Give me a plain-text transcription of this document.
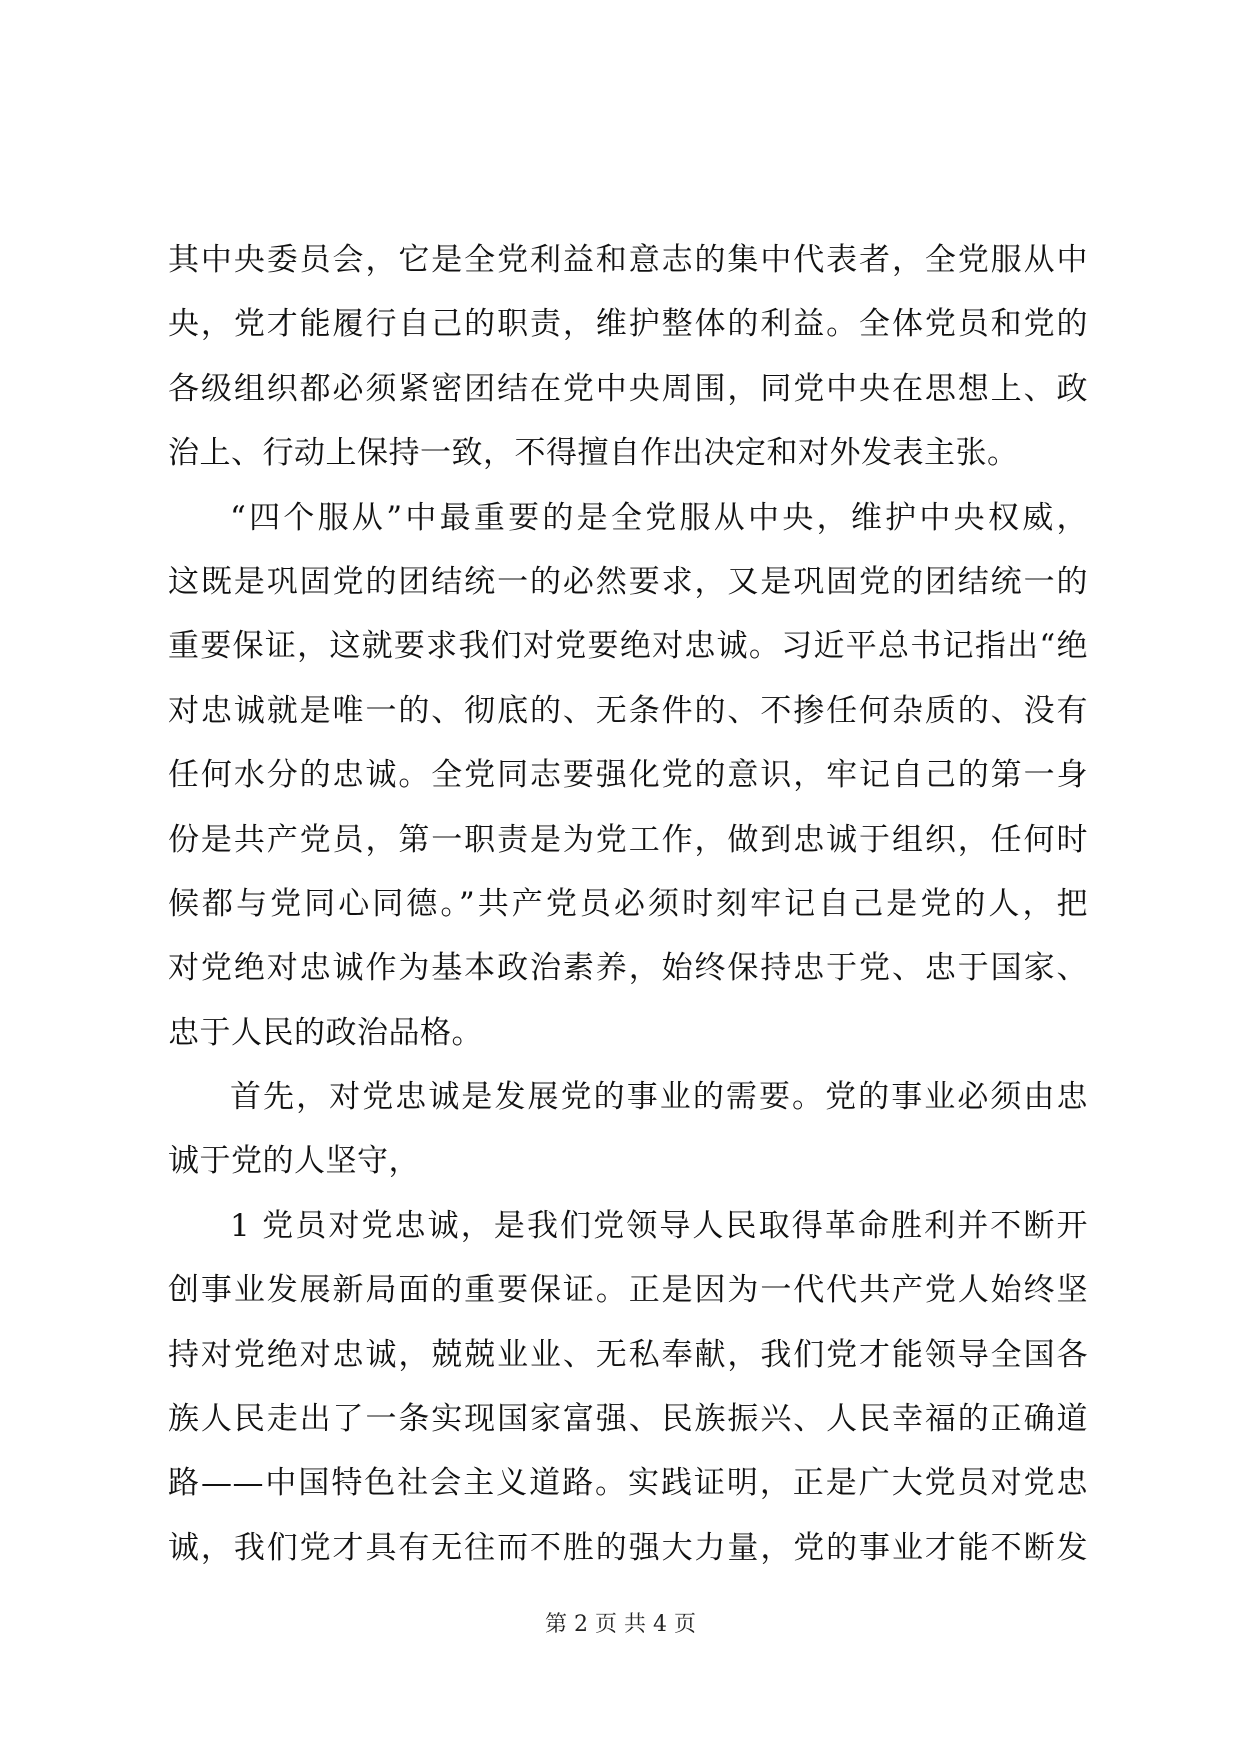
其中央委员会，它是全党利益和意志的集中代表者，全党服从中
央，党才能履行自己的职责，维护整体的利益。全体党员和党的
各级组织都必须紧密团结在党中央周围，同党中央在思想上、政
治上、行动上保持一致，不得擅自作出决定和对外发表主张。
“四个服从”中最重要的是全党服从中央，维护中央权威，
这既是巩固党的团结统一的必然要求，又是巩固党的团结统一的
重要保证，这就要求我们对党要绝对忠诚。习近平总书记指出“绝
对忠诚就是唯一的、彻底的、无条件的、不掺任何杂质的、没有
任何水分的忠诚。全党同志要强化党的意识，牢记自己的第一身
份是共产党员，第一职责是为党工作，做到忠诚于组织，任何时
候都与党同心同德。”共产党员必须时刻牢记自己是党的人，把
对党绝对忠诚作为基本政治素养，始终保持忠于党、忠于国家、
忠于人民的政治品格。
首先，对党忠诚是发展党的事业的需要。党的事业必须由忠
诚于党的人坚守，
1 党员对党忠诚，是我们党领导人民取得革命胜利并不断开
创事业发展新局面的重要保证。正是因为一代代共产党人始终坚
持对党绝对忠诚，兢兢业业、无私奉献，我们党才能领导全国各
族人民走出了一条实现国家富强、民族振兴、人民幸福的正确道
路——中国特色社会主义道路。实践证明，正是广大党员对党忠
诚，我们党才具有无往而不胜的强大力量，党的事业才能不断发
第 2 页 共 4 页
